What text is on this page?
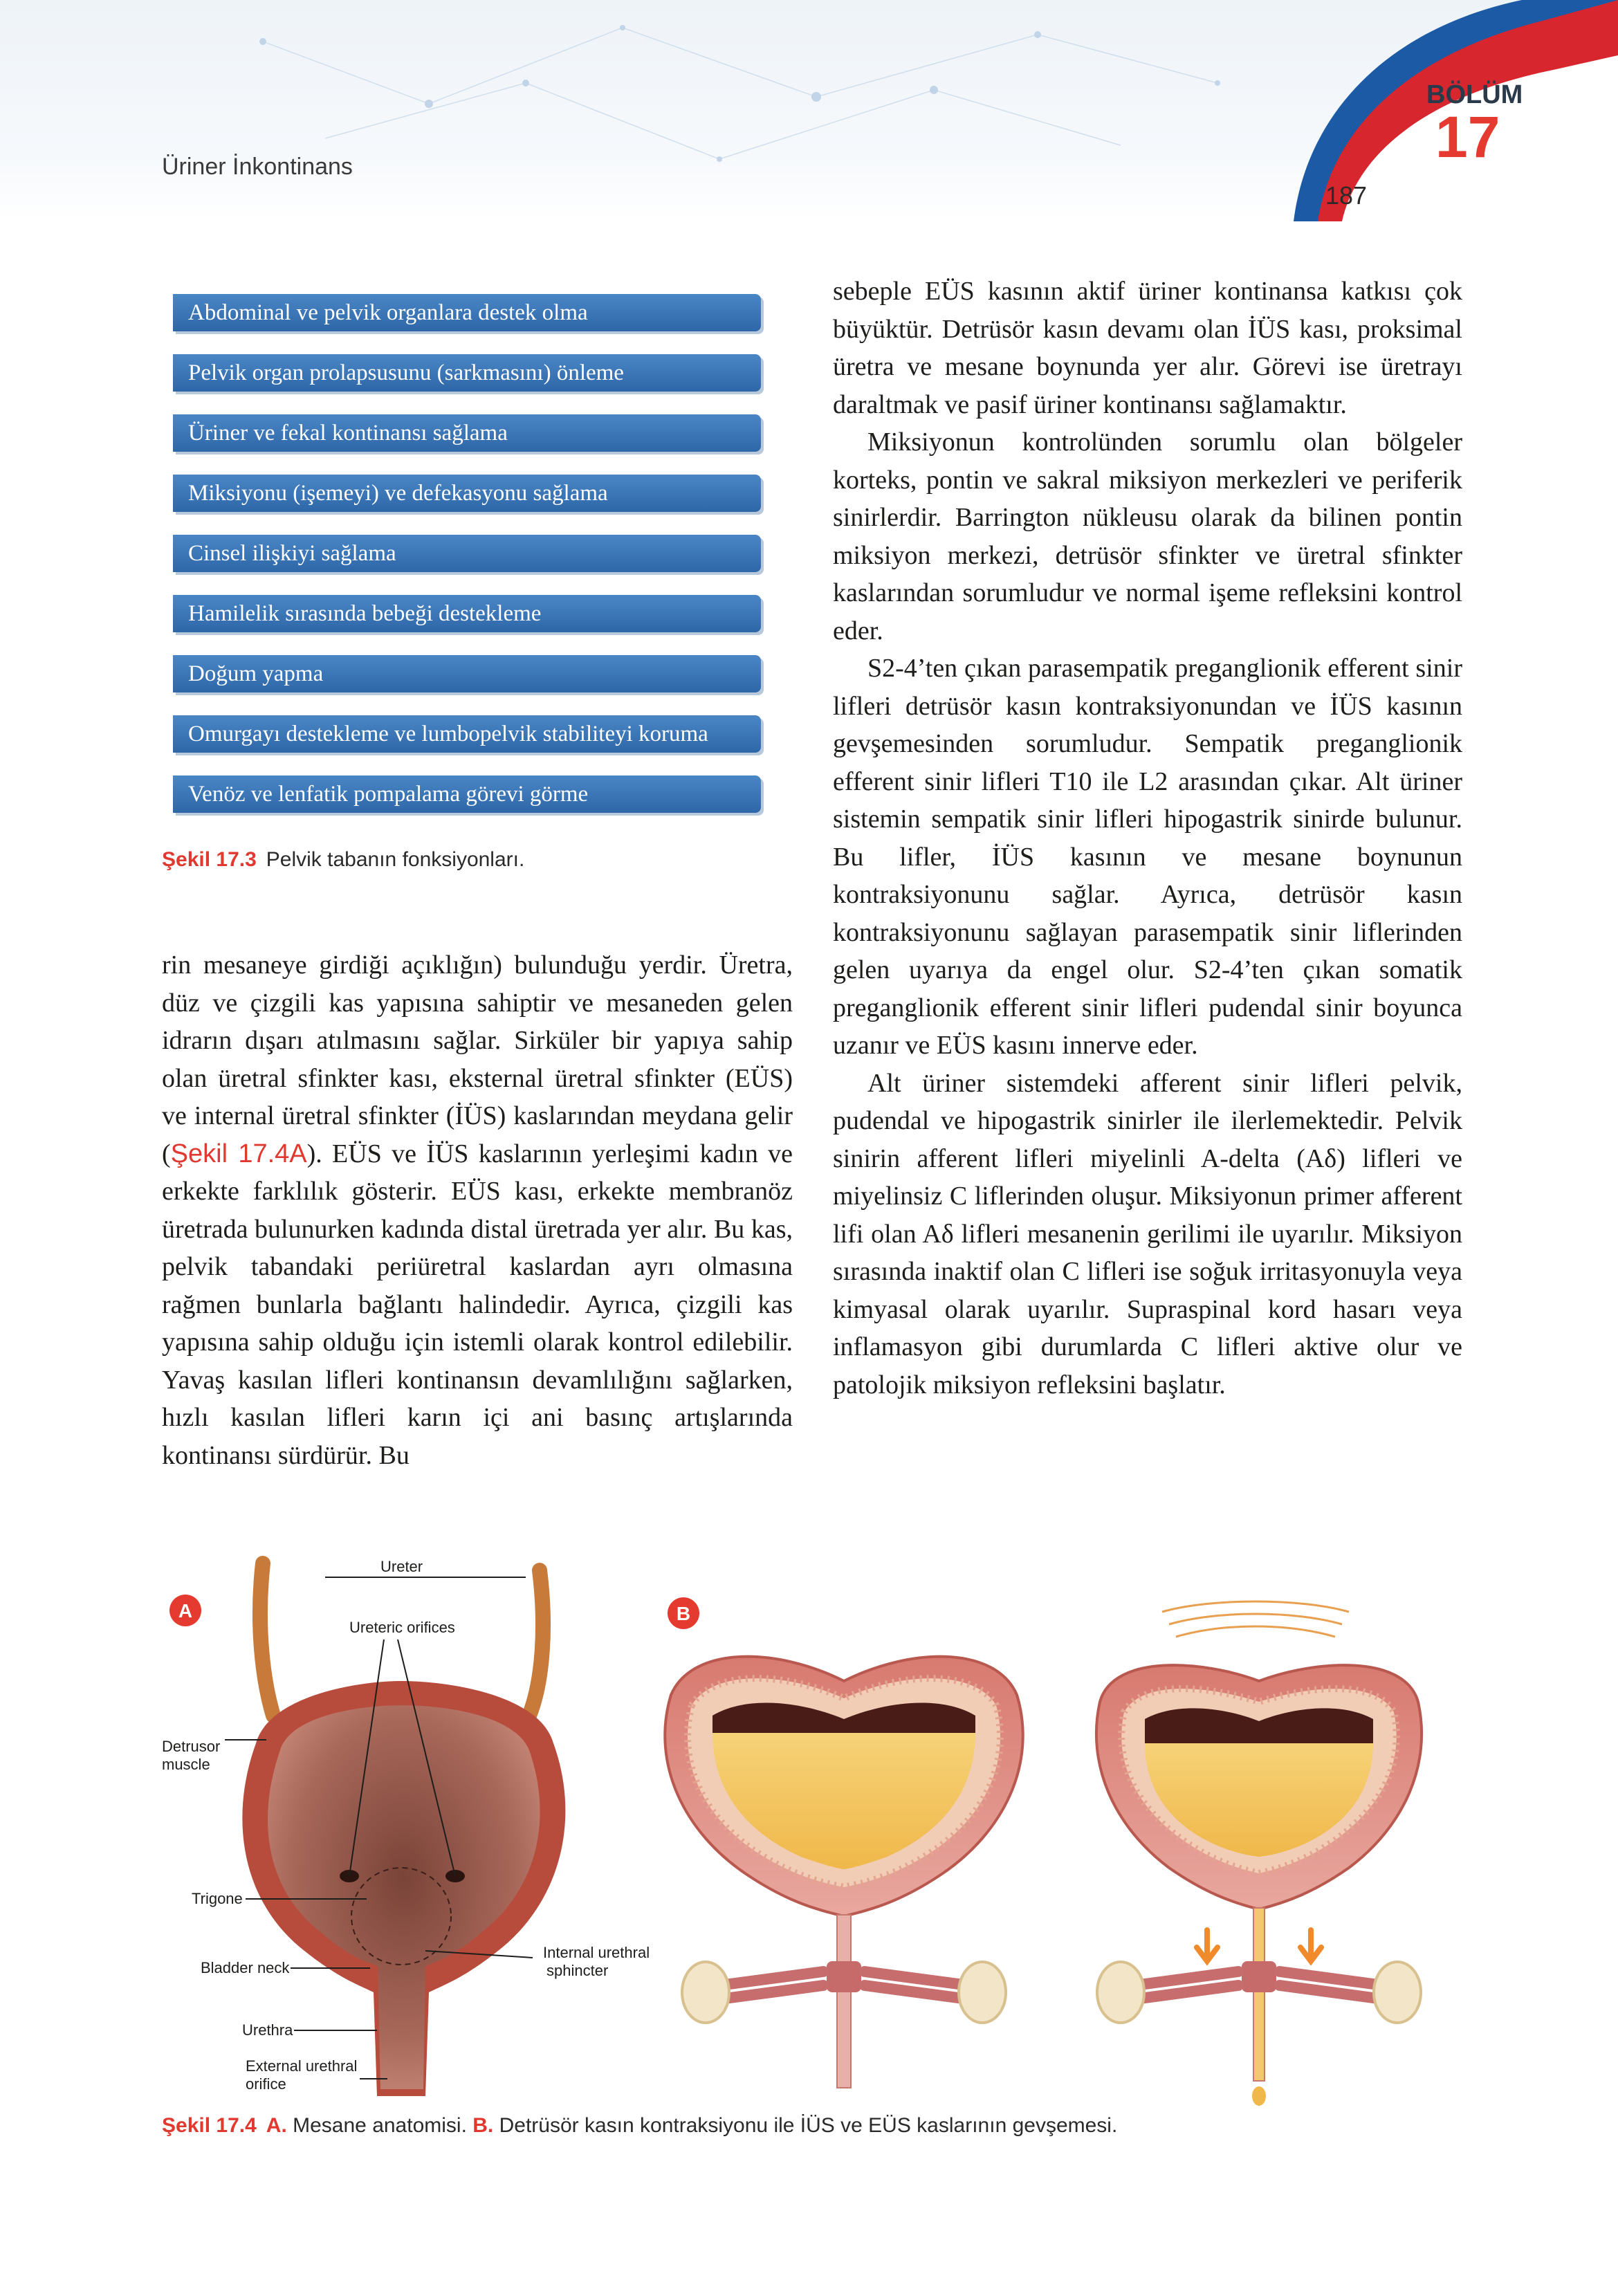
Üriner İnkontinans
BÖLÜM
17
187
Abdominal ve pelvik organlara destek olma
Pelvik organ prolapsusunu (sarkmasını) önleme
Üriner ve fekal kontinansı sağlama
Miksiyonu (işemeyi) ve defekasyonu sağlama
Cinsel ilişkiyi sağlama
Hamilelik sırasında bebeği destekleme
Doğum yapma
Omurgayı destekleme ve lumbopelvik stabiliteyi koruma
Venöz ve lenfatik pompalama görevi görme
Şekil 17.3 Pelvik tabanın fonksiyonları.

rin mesaneye girdiği açıklığın) bulunduğu yerdir. Üretra, düz ve çizgili kas yapısına sahiptir ve mesaneden gelen idrarın dışarı atılmasını sağlar. Sirküler bir yapıya sahip olan üretral sfinkter kası, eksternal üretral sfinkter (EÜS) ve internal üretral sfinkter (İÜS) kaslarından meydana gelir (Şekil 17.4A). EÜS ve İÜS kaslarının yerleşimi kadın ve erkekte farklılık gösterir. EÜS kası, erkekte membranöz üretrada bulunurken kadında distal üretrada yer alır. Bu kas, pelvik tabandaki periüretral kaslardan ayrı olmasına rağmen bunlarla bağlantı halindedir. Ayrıca, çizgili kas yapısına sahip olduğu için istemli olarak kontrol edilebilir. Yavaş kasılan lifleri kontinansın devamlılığını sağlarken, hızlı kasılan lifleri karın içi ani basınç artışlarında kontinansı sürdürür. Bu

sebeple EÜS kasının aktif üriner kontinansa katkısı çok büyüktür. Detrüsör kasın devamı olan İÜS kası, proksimal üretra ve mesane boynunda yer alır. Görevi ise üretrayı daraltmak ve pasif üriner kontinansı sağlamaktır.

Miksiyonun kontrolünden sorumlu olan bölgeler korteks, pontin ve sakral miksiyon merkezleri ve periferik sinirlerdir. Barrington nükleusu olarak da bilinen pontin miksiyon merkezi, detrüsör sfinkter ve üretral sfinkter kaslarından sorumludur ve normal işeme refleksini kontrol eder.

S2-4’ten çıkan parasempatik preganglionik efferent sinir lifleri detrüsör kasın kontraksiyonundan ve İÜS kasının gevşemesinden sorumludur. Sempatik preganglionik efferent sinir lifleri T10 ile L2 arasından çıkar. Alt üriner sistemin sempatik sinir lifleri hipogastrik sinirde bulunur. Bu lifler, İÜS kasının ve mesane boynunun kontraksiyonunu sağlar. Ayrıca, detrüsör kasın kontraksiyonunu sağlayan parasempatik sinir liflerinden gelen uyarıya da engel olur. S2-4’ten çıkan somatik preganglionik efferent sinir lifleri pudendal sinir boyunca uzanır ve EÜS kasını innerve eder.

Alt üriner sistemdeki afferent sinir lifleri pelvik, pudendal ve hipogastrik sinirler ile ilerlemektedir. Pelvik sinirin afferent lifleri miyelinli A-delta (Aδ) lifleri ve miyelinsiz C liflerinden oluşur. Miksiyonun primer afferent lifi olan Aδ lifleri mesanenin gerilimi ile uyarılır. Miksiyon sırasında inaktif olan C lifleri ise soğuk irritasyonuyla veya kimyasal olarak uyarılır. Supraspinal kord hasarı veya inflamasyon gibi durumlarda C lifleri aktive olur ve patolojik miksiyon refleksini başlatır.

A
Ureter
Ureteric orifices
Detrusor
muscle
Trigone
Bladder neck
Internal urethral
sphincter
Urethra
External urethral
orifice
B
Şekil 17.4 A. Mesane anatomisi. B. Detrüsör kasın kontraksiyonu ile İÜS ve EÜS kaslarının gevşemesi.
